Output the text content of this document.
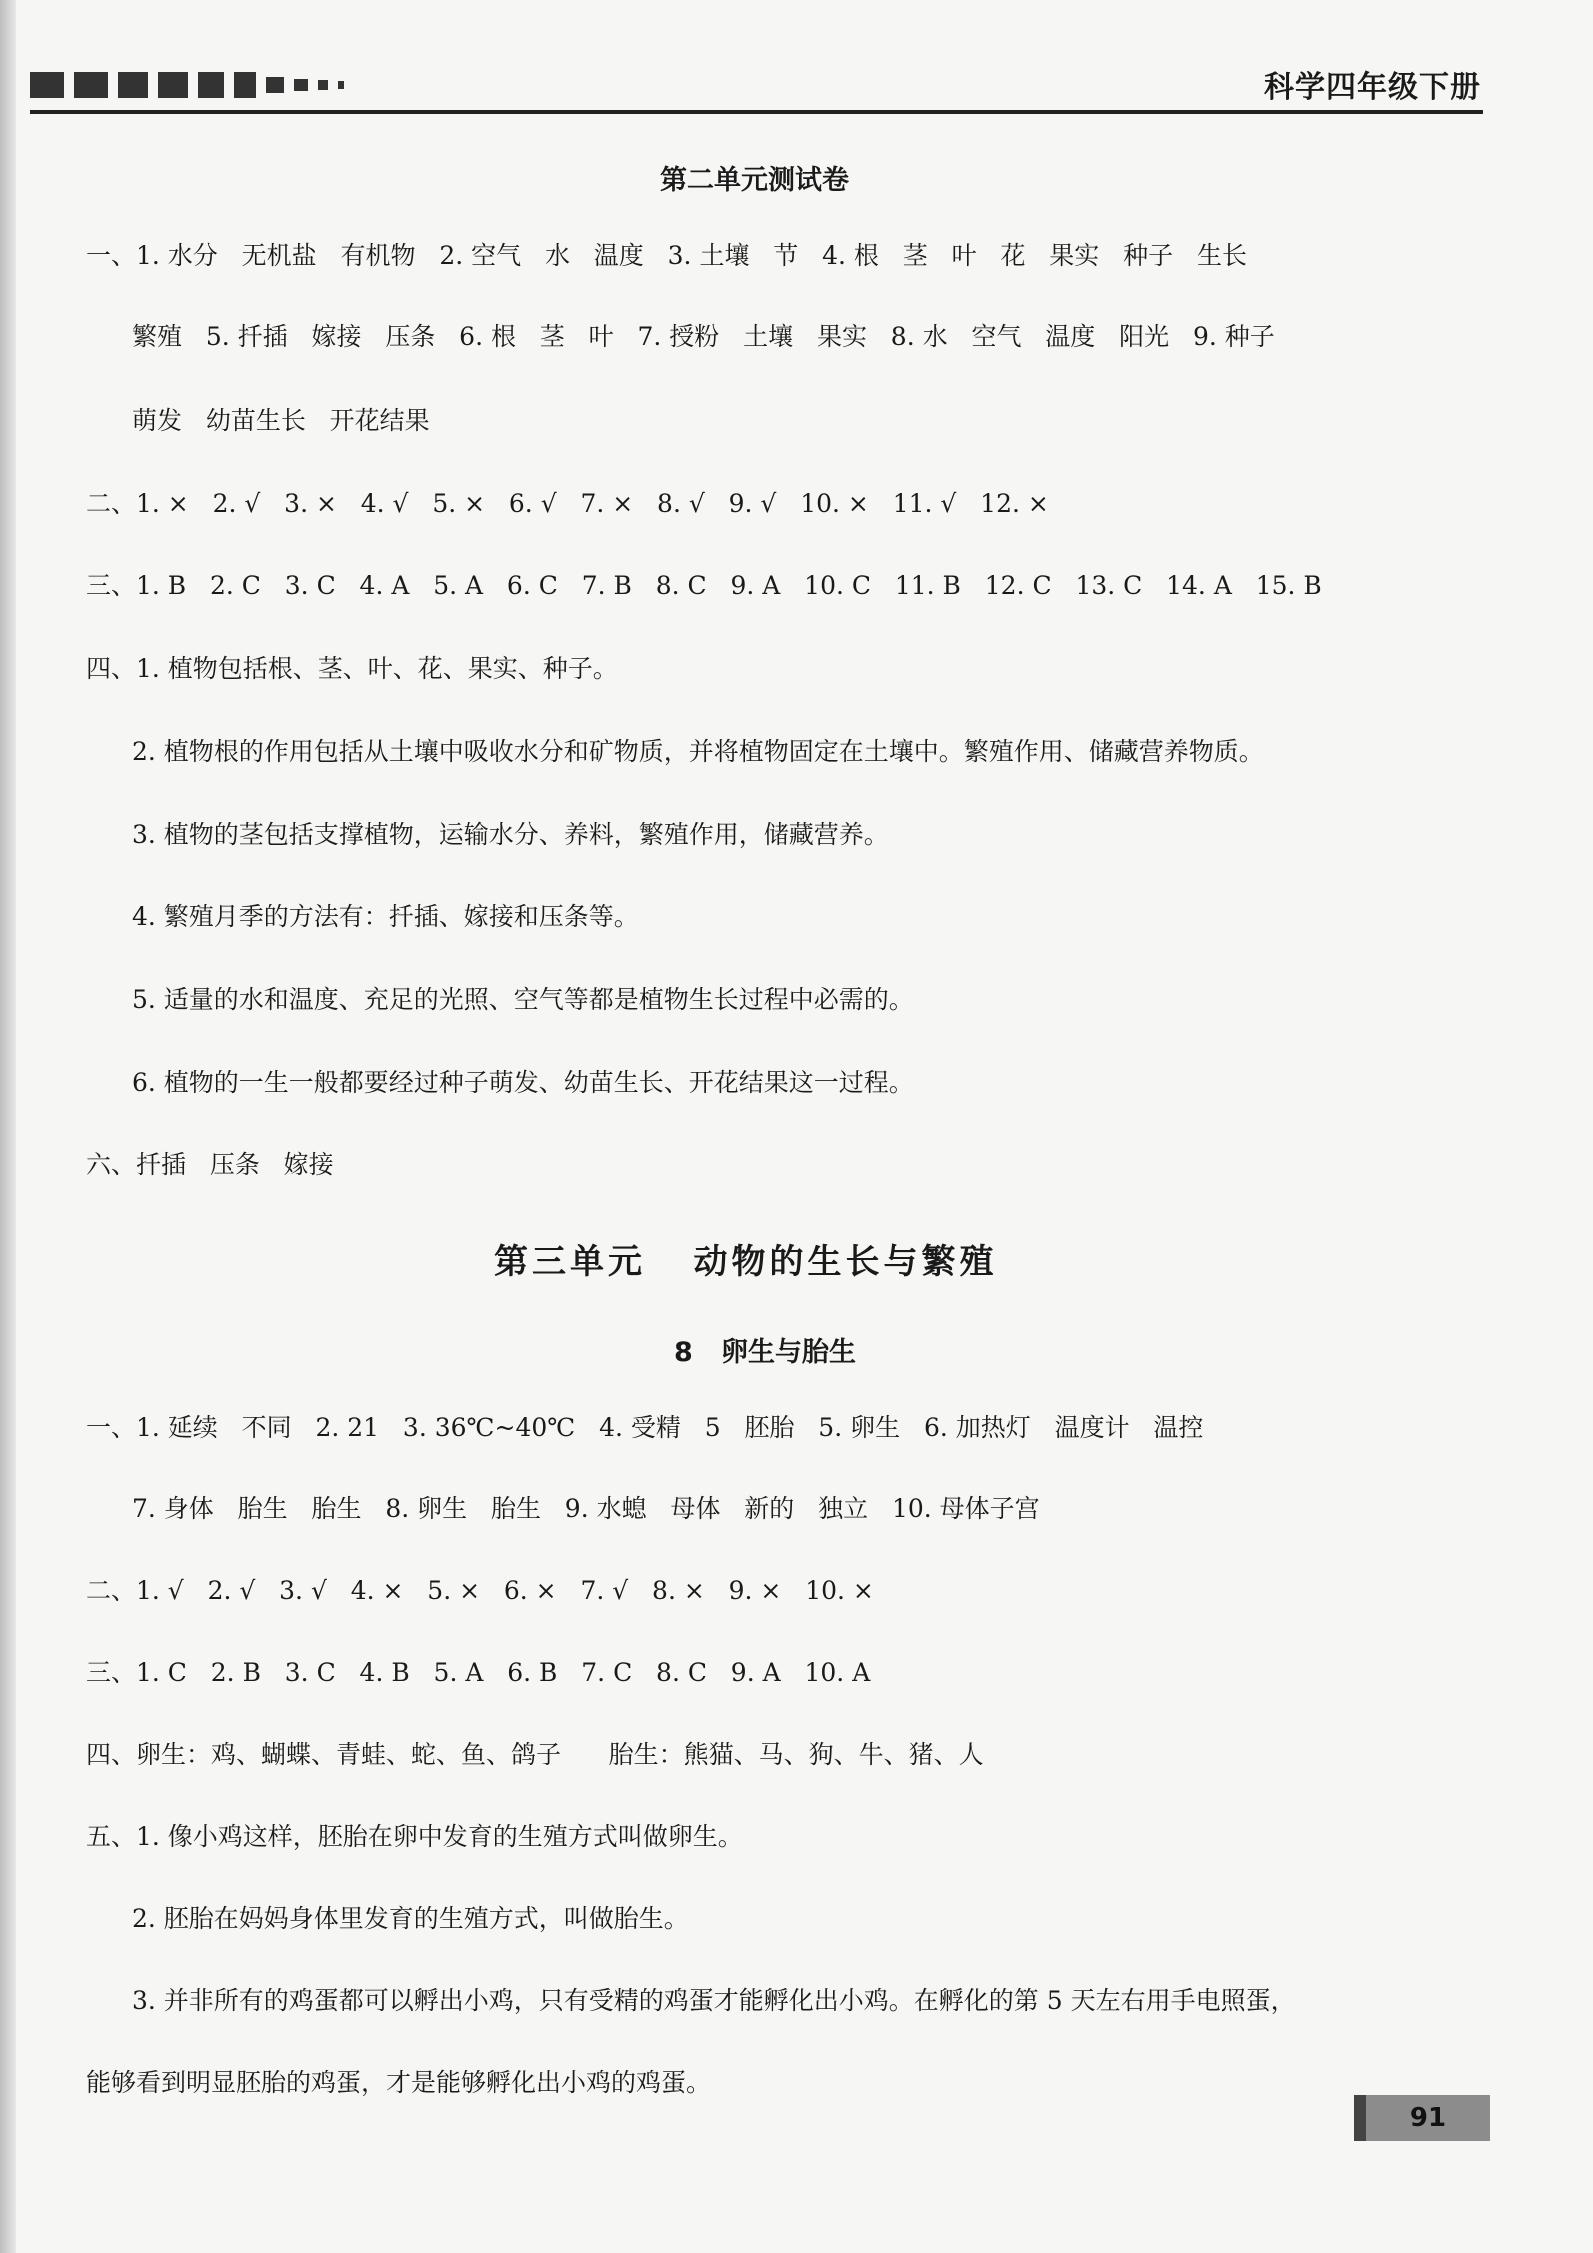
科学四年级下册
第二单元测试卷
一、1. 水分   无机盐   有机物   2. 空气   水   温度   3. 土壤   节   4. 根   茎   叶   花   果实   种子   生长
繁殖   5. 扦插   嫁接   压条   6. 根   茎   叶   7. 授粉   土壤   果实   8. 水   空气   温度   阳光   9. 种子
萌发   幼苗生长   开花结果
二、1. ×   2. √   3. ×   4. √   5. ×   6. √   7. ×   8. √   9. √   10. ×   11. √   12. ×
三、1. B   2. C   3. C   4. A   5. A   6. C   7. B   8. C   9. A   10. C   11. B   12. C   13. C   14. A   15. B
四、1. 植物包括根、茎、叶、花、果实、种子。
2. 植物根的作用包括从土壤中吸收水分和矿物质，并将植物固定在土壤中。繁殖作用、储藏营养物质。
3. 植物的茎包括支撑植物，运输水分、养料，繁殖作用，储藏营养。
4. 繁殖月季的方法有：扦插、嫁接和压条等。
5. 适量的水和温度、充足的光照、空气等都是植物生长过程中必需的。
6. 植物的一生一般都要经过种子萌发、幼苗生长、开花结果这一过程。
六、扦插   压条   嫁接
第三单元   动物的生长与繁殖
8   卵生与胎生
一、1. 延续   不同   2. 21   3. 36℃~40℃   4. 受精   5   胚胎   5. 卵生   6. 加热灯   温度计   温控
7. 身体   胎生   胎生   8. 卵生   胎生   9. 水螅   母体   新的   独立   10. 母体子宫
二、1. √   2. √   3. √   4. ×   5. ×   6. ×   7. √   8. ×   9. ×   10. ×
三、1. C   2. B   3. C   4. B   5. A   6. B   7. C   8. C   9. A   10. A
四、卵生：鸡、蝴蝶、青蛙、蛇、鱼、鸽子      胎生：熊猫、马、狗、牛、猪、人
五、1. 像小鸡这样，胚胎在卵中发育的生殖方式叫做卵生。
2. 胚胎在妈妈身体里发育的生殖方式，叫做胎生。
3. 并非所有的鸡蛋都可以孵出小鸡，只有受精的鸡蛋才能孵化出小鸡。在孵化的第 5 天左右用手电照蛋，
能够看到明显胚胎的鸡蛋，才是能够孵化出小鸡的鸡蛋。
91
